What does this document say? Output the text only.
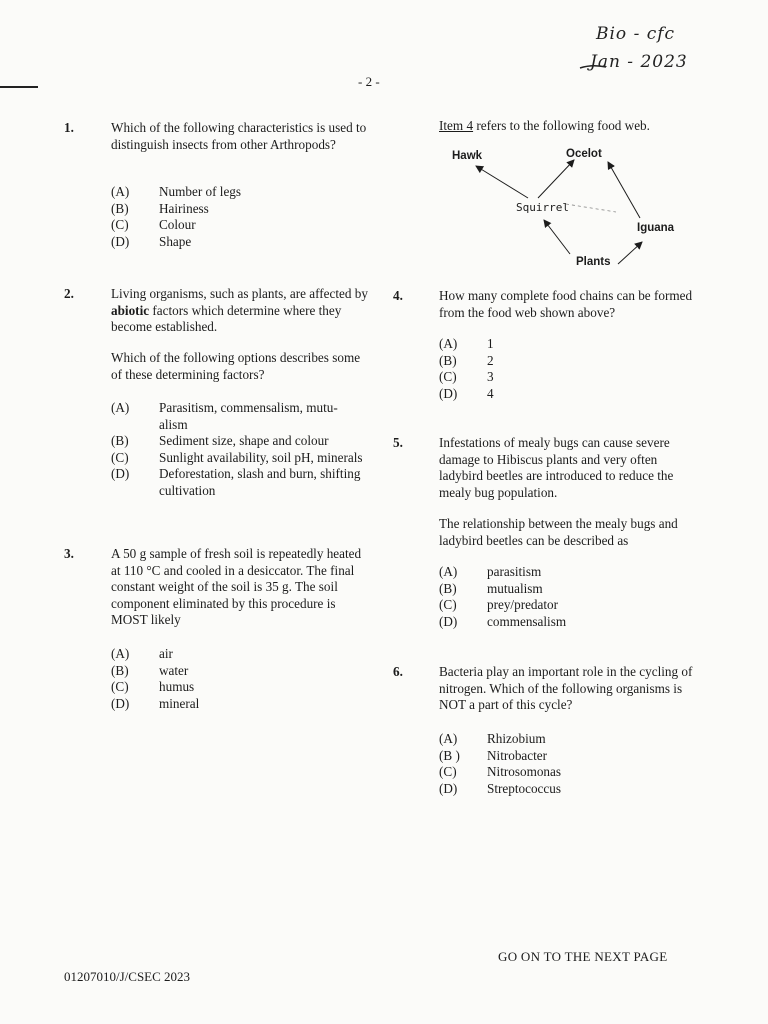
Bio - cfc
Jan - 2023
- 2 -
1.	Which of the following characteristics is used to distinguish insects from other Arthropods?
(A)	Number of legs
(B)	Hairiness
(C)	Colour
(D)	Shape
2.	Living organisms, such as plants, are affected by abiotic factors which determine where they become established.
Which of the following options describes some of these determining factors?
(A)	Parasitism, commensalism, mutu- alism
(B)	Sediment size, shape and colour
(C)	Sunlight availability, soil pH, minerals
(D)	Deforestation, slash and burn, shifting cultivation
3.	A 50 g sample of fresh soil is repeatedly heated at 110 °C and cooled in a desiccator. The final constant weight of the soil is 35 g. The soil component eliminated by this procedure is MOST likely
(A)	air
(B)	water
(C)	humus
(D)	mineral
Item 4 refers to the following food web.
Hawk	Ocelot
Squirrel
Iguana
Plants
4.	How many complete food chains can be formed from the food web shown above?
(A)	1
(B)	2
(C)	3
(D)	4
5.	Infestations of mealy bugs can cause severe damage to Hibiscus plants and very often ladybird beetles are introduced to reduce the mealy bug population.
The relationship between the mealy bugs and ladybird beetles can be described as
(A)	parasitism
(B)	mutualism
(C)	prey/predator
(D)	commensalism
6.	Bacteria play an important role in the cycling of nitrogen. Which of the following organisms is NOT a part of this cycle?
(A)	Rhizobium
(B )	Nitrobacter
(C)	Nitrosomonas
(D)	Streptococcus
GO ON TO THE NEXT PAGE
01207010/J/CSEC 2023
